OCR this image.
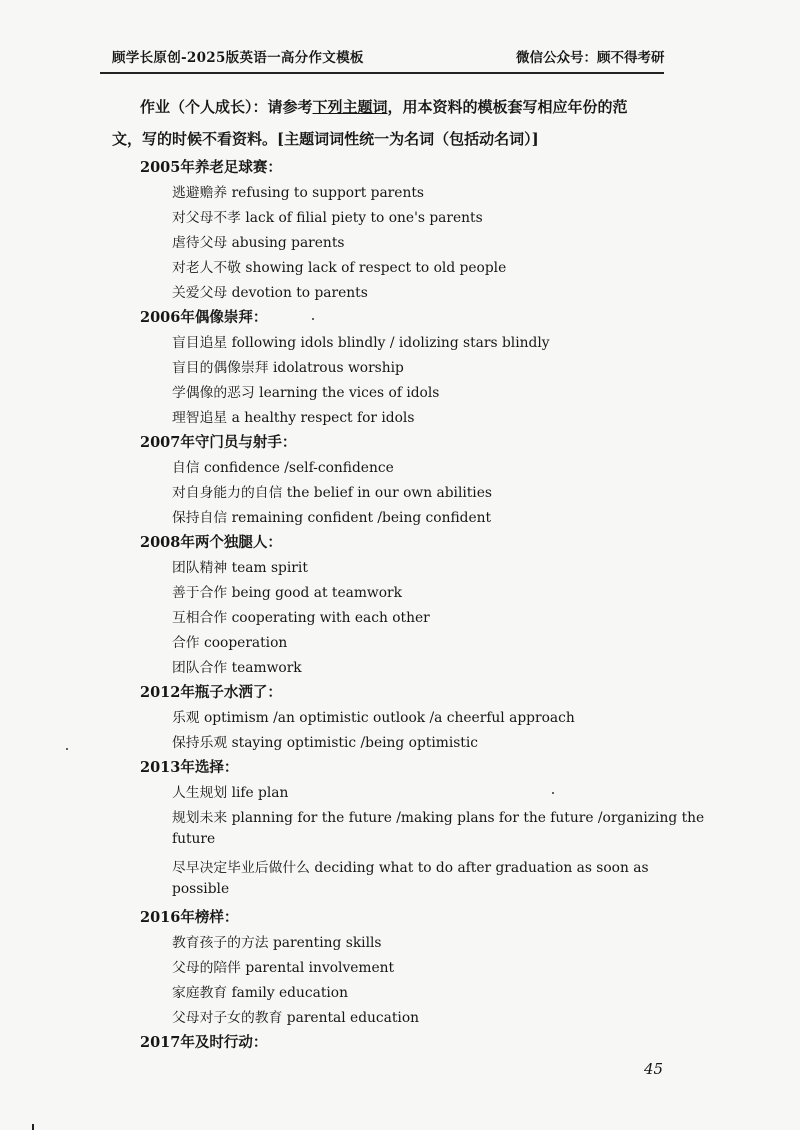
顾学长原创-2025版英语一高分作文模板	微信公众号：顾不得考研
作业（个人成长）：请参考下列主题词，用本资料的模板套写相应年份的范
文，写的时候不看资料。[主题词词性统一为名词（包括动名词）]
2005年养老足球赛：
逃避赡养 refusing to support parents
对父母不孝 lack of filial piety to one's parents
虐待父母 abusing parents
对老人不敬 showing lack of respect to old people
关爱父母 devotion to parents
2006年偶像崇拜：
盲目追星 following idols blindly / idolizing stars blindly
盲目的偶像崇拜 idolatrous worship
学偶像的恶习 learning the vices of idols
理智追星 a healthy respect for idols
2007年守门员与射手：
自信 confidence /self-confidence
对自身能力的自信 the belief in our own abilities
保持自信 remaining confident /being confident
2008年两个独腿人：
团队精神 team spirit
善于合作 being good at teamwork
互相合作 cooperating with each other
合作 cooperation
团队合作 teamwork
2012年瓶子水洒了：
乐观 optimism /an optimistic outlook /a cheerful approach
保持乐观 staying optimistic /being optimistic
2013年选择：
人生规划 life plan
规划未来 planning for the future /making plans for the future /organizing the
future
尽早决定毕业后做什么 deciding what to do after graduation as soon as
possible
2016年榜样：
教育孩子的方法 parenting skills
父母的陪伴 parental involvement
家庭教育 family education
父母对子女的教育 parental education
2017年及时行动：
45
